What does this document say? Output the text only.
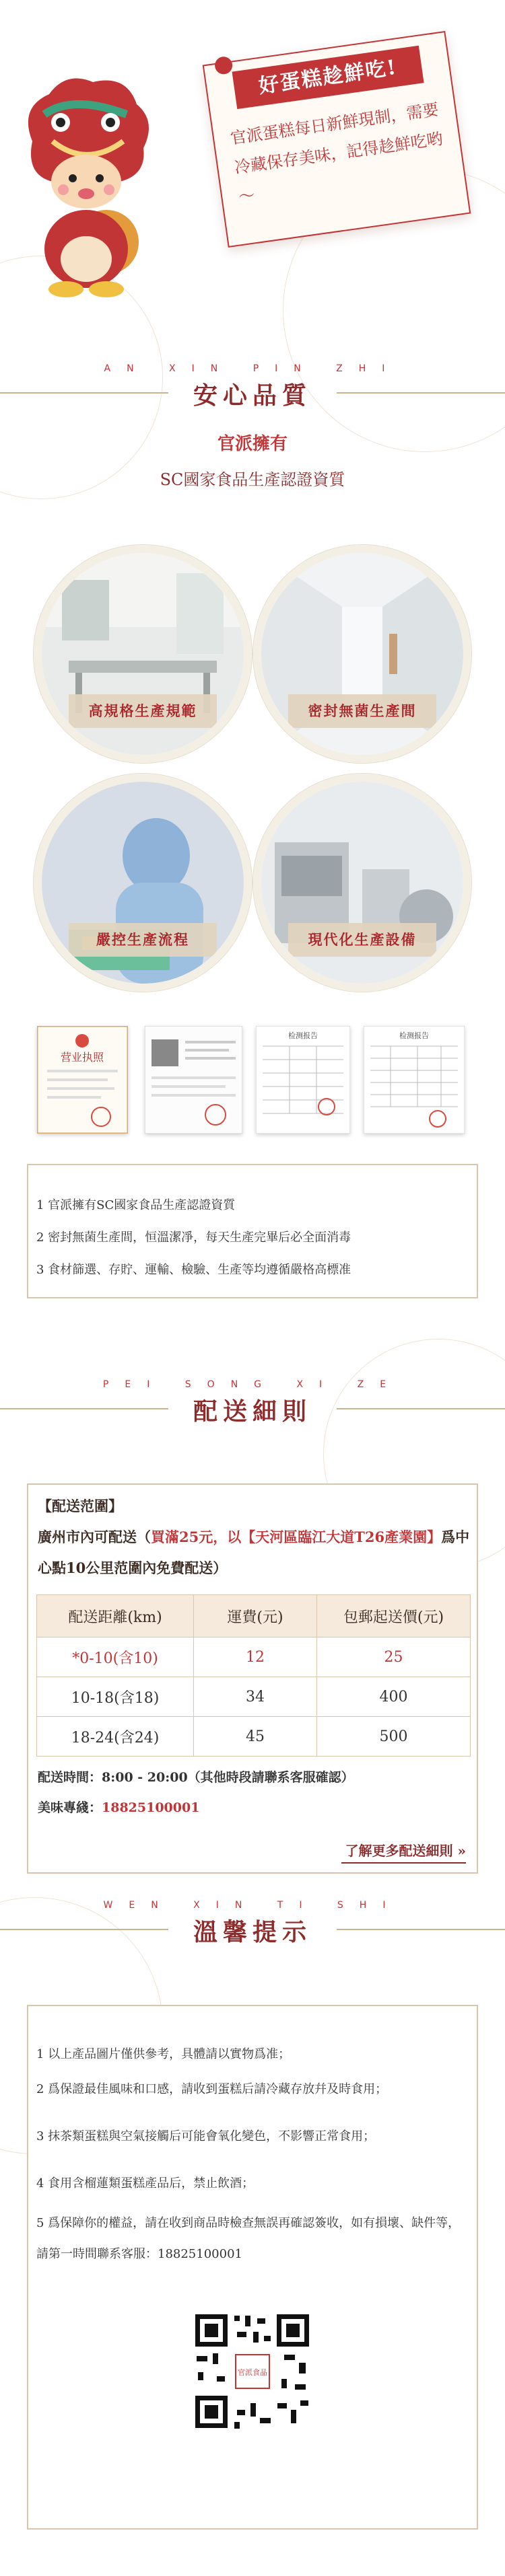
好蛋糕趁鮮吃!
官派蛋糕每日新鮮現制，需要冷藏保存美味，記得趁鮮吃哟～
AN XIN PIN ZHI
安心品質
官派擁有
SC國家食品生產認證資質
高規格生產規範	密封無菌生產間
嚴控生產流程	現代化生產設備
营业执照
检测报告	检测报告
1 官派擁有SC國家食品生產認證資質
2 密封無菌生產間，恒溫潔凈，每天生產完畢后必全面消毒
3 食材篩選、存貯、運輸、檢驗、生產等均遵循嚴格高標准
PEI SONG XI ZE
配送細則
【配送范圍】
廣州市內可配送（買滿25元，以【天河區臨江大道T26產業園】爲中心點10公里范圍內免費配送）
配送距離(km)	運費(元)	包郵起送價(元)
*0-10(含10)	12	25
10-18(含18)	34	400
18-24(含24)	45	500
配送時間：8:00 - 20:00（其他時段請聯系客服確認）
美味專綫：18825100001
了解更多配送細則 »
WEN XIN TI SHI
溫馨提示
1 以上產品圖片僅供參考，具體請以實物爲准；
2 爲保證最佳風味和口感，請收到蛋糕后請冷藏存放幷及時食用；
3 抹茶類蛋糕與空氣接觸后可能會氧化變色，不影響正常食用；
4 食用含榴蓮類蛋糕產品后，禁止飲酒；
5 爲保障你的權益，請在收到商品時檢查無誤再確認簽收，如有損壞、缺件等，請第一時間聯系客服：18825100001
官派食品
